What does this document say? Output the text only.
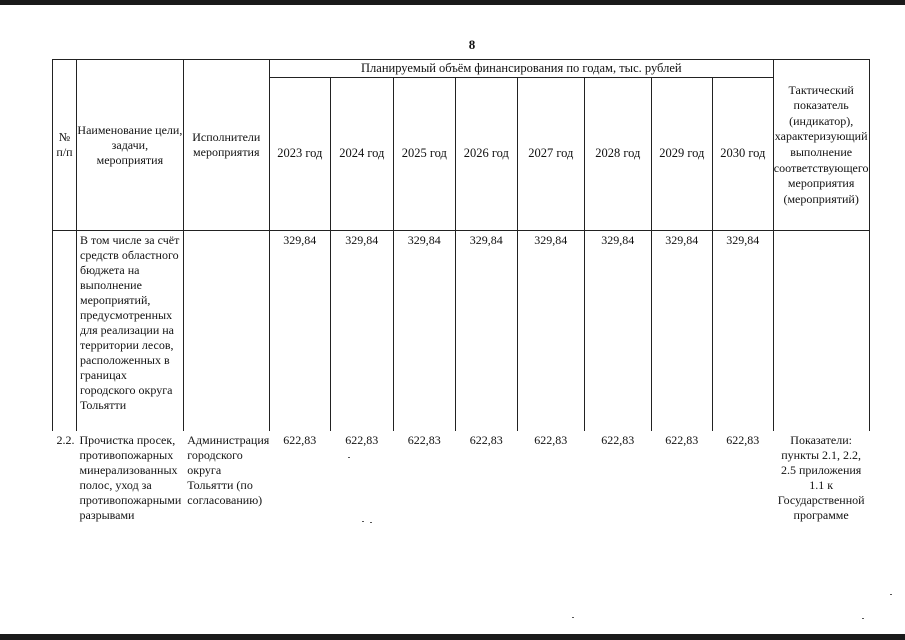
8
№ п/п	Наименование цели, задачи, мероприятия	Исполнители мероприятия	Планируемый объём финансирования по годам, тыс. рублей								Тактический показатель (индикатор), характеризующий выполнение соответствующего мероприятия (мероприятий)
			2023 год	2024 год	2025 год	2026 год	2027 год	2028 год	2029 год	2030 год	
	В том числе за счёт средств областного бюджета на выполнение мероприятий, предусмотренных для реализации на территории лесов, расположенных в границах городского округа Тольятти		329,84	329,84	329,84	329,84	329,84	329,84	329,84	329,84	
2.2.	Прочистка просек, противопожарных минерализованных полос, уход за противопожарными разрывами	Администрация городского округа Тольятти (по согласованию)	622,83	622,83	622,83	622,83	622,83	622,83	622,83	622,83	Показатели: пункты 2.1, 2.2, 2.5 приложения 1.1 к Государственной программе
